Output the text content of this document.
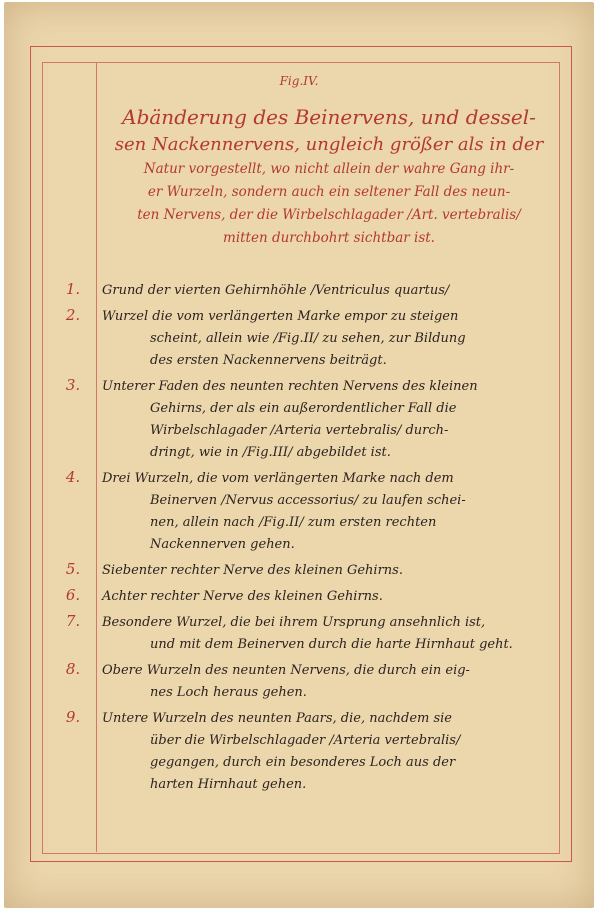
Fig.IV.
Abänderung des Beinervens, und dessel-
sen Nackennervens, ungleich größer als in der
Natur vorgestellt, wo nicht allein der wahre Gang ihr-
er Wurzeln, sondern auch ein seltener Fall des neun-
ten Nervens, der die Wirbelschlagader /Art. vertebralis/
mitten durchbohrt sichtbar ist.
1.	Grund der vierten Gehirnhöhle /Ventriculus quartus/
2.	Wurzel die vom verlängerten Marke empor zu steigen
scheint, allein wie /Fig.II/ zu sehen, zur Bildung
des ersten Nackennervens beiträgt.
3.	Unterer Faden des neunten rechten Nervens des kleinen
Gehirns, der als ein außerordentlicher Fall die
Wirbelschlagader /Arteria vertebralis/ durch-
dringt, wie in /Fig.III/ abgebildet ist.
4.	Drei Wurzeln, die vom verlängerten Marke nach dem
Beinerven /Nervus accessorius/ zu laufen schei-
nen, allein nach /Fig.II/ zum ersten rechten
Nackennerven gehen.
5.	Siebenter rechter Nerve des kleinen Gehirns.
6.	Achter rechter Nerve des kleinen Gehirns.
7.	Besondere Wurzel, die bei ihrem Ursprung ansehnlich ist,
und mit dem Beinerven durch die harte Hirnhaut geht.
8.	Obere Wurzeln des neunten Nervens, die durch ein eig-
nes Loch heraus gehen.
9.	Untere Wurzeln des neunten Paars, die, nachdem sie
über die Wirbelschlagader /Arteria vertebralis/
gegangen, durch ein besonderes Loch aus der
harten Hirnhaut gehen.
